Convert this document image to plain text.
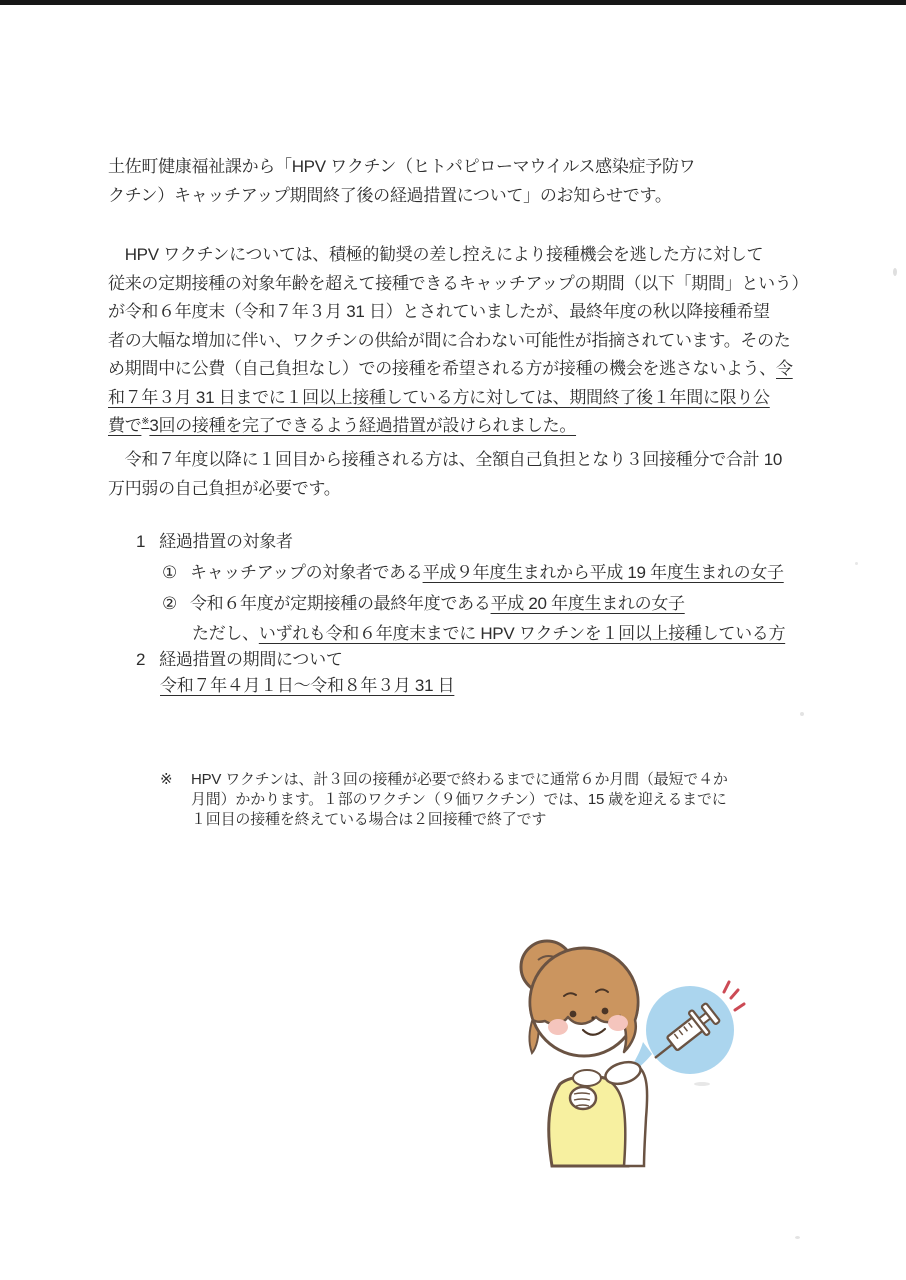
土佐町健康福祉課から「HPV ワクチン（ヒトパピローマウイルス感染症予防ワ
クチン）キャッチアップ期間終了後の経過措置について」のお知らせです。
　HPV ワクチンについては、積極的勧奨の差し控えにより接種機会を逃した方に対して
従来の定期接種の対象年齢を超えて接種できるキャッチアップの期間（以下「期間」という）
が令和６年度末（令和７年３月 31 日）とされていましたが、最終年度の秋以降接種希望
者の大幅な増加に伴い、ワクチンの供給が間に合わない可能性が指摘されています。そのた
め期間中に公費（自己負担なし）での接種を希望される方が接種の機会を逃さないよう、令
和７年３月 31 日までに１回以上接種している方に対しては、期間終了後１年間に限り公
費で※3回の接種を完了できるよう経過措置が設けられました。
　令和７年度以降に１回目から接種される方は、全額自己負担となり３回接種分で合計 10
万円弱の自己負担が必要です。
1 経過措置の対象者
① キャッチアップの対象者である平成９年度生まれから平成 19 年度生まれの女子
② 令和６年度が定期接種の最終年度である平成 20 年度生まれの女子
ただし、いずれも令和６年度末までに HPV ワクチンを１回以上接種している方
2 経過措置の期間について
令和７年４月１日～令和８年３月 31 日
※ HPV ワクチンは、計３回の接種が必要で終わるまでに通常６か月間（最短で４か
月間）かかります。１部のワクチン（９価ワクチン）では、15 歳を迎えるまでに
１回目の接種を終えている場合は２回接種で終了です
